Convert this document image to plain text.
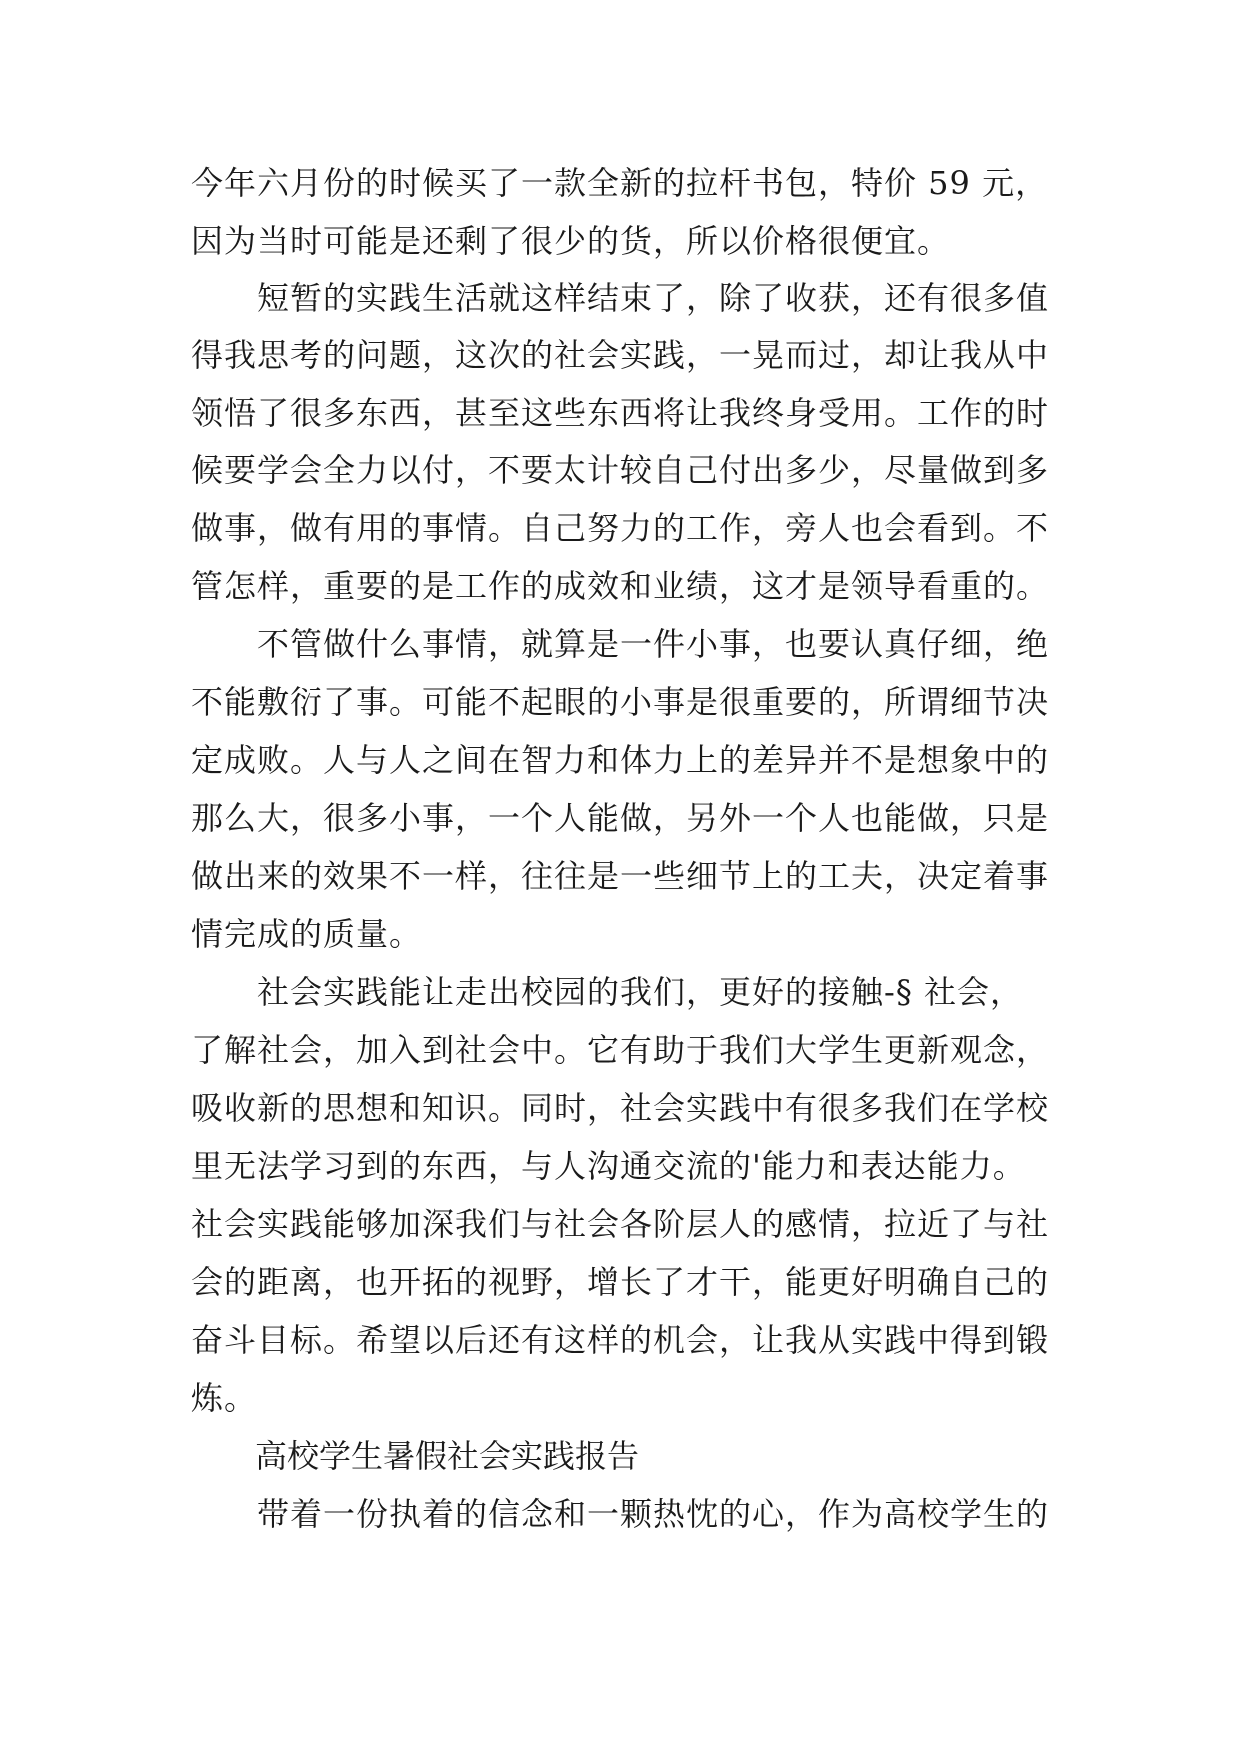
今年六月份的时候买了一款全新的拉杆书包，特价 59 元，

因为当时可能是还剩了很少的货，所以价格很便宜。

　　短暂的实践生活就这样结束了，除了收获，还有很多值

得我思考的问题，这次的社会实践，一晃而过，却让我从中

领悟了很多东西，甚至这些东西将让我终身受用。工作的时

候要学会全力以付，不要太计较自己付出多少，尽量做到多

做事，做有用的事情。自己努力的工作，旁人也会看到。不

管怎样，重要的是工作的成效和业绩，这才是领导看重的。

　　不管做什么事情，就算是一件小事，也要认真仔细，绝

不能敷衍了事。可能不起眼的小事是很重要的，所谓细节决

定成败。人与人之间在智力和体力上的差异并不是想象中的

那么大，很多小事，一个人能做，另外一个人也能做，只是

做出来的效果不一样，往往是一些细节上的工夫，决定着事

情完成的质量。

　　社会实践能让走出校园的我们，更好的接触-§ 社会，

了解社会，加入到社会中。它有助于我们大学生更新观念，

吸收新的思想和知识。同时，社会实践中有很多我们在学校

里无法学习到的东西，与人沟通交流的'能力和表达能力。

社会实践能够加深我们与社会各阶层人的感情，拉近了与社

会的距离，也开拓的视野，增长了才干，能更好明确自己的

奋斗目标。希望以后还有这样的机会，让我从实践中得到锻

炼。

　　高校学生暑假社会实践报告

　　带着一份执着的信念和一颗热忱的心，作为高校学生的
